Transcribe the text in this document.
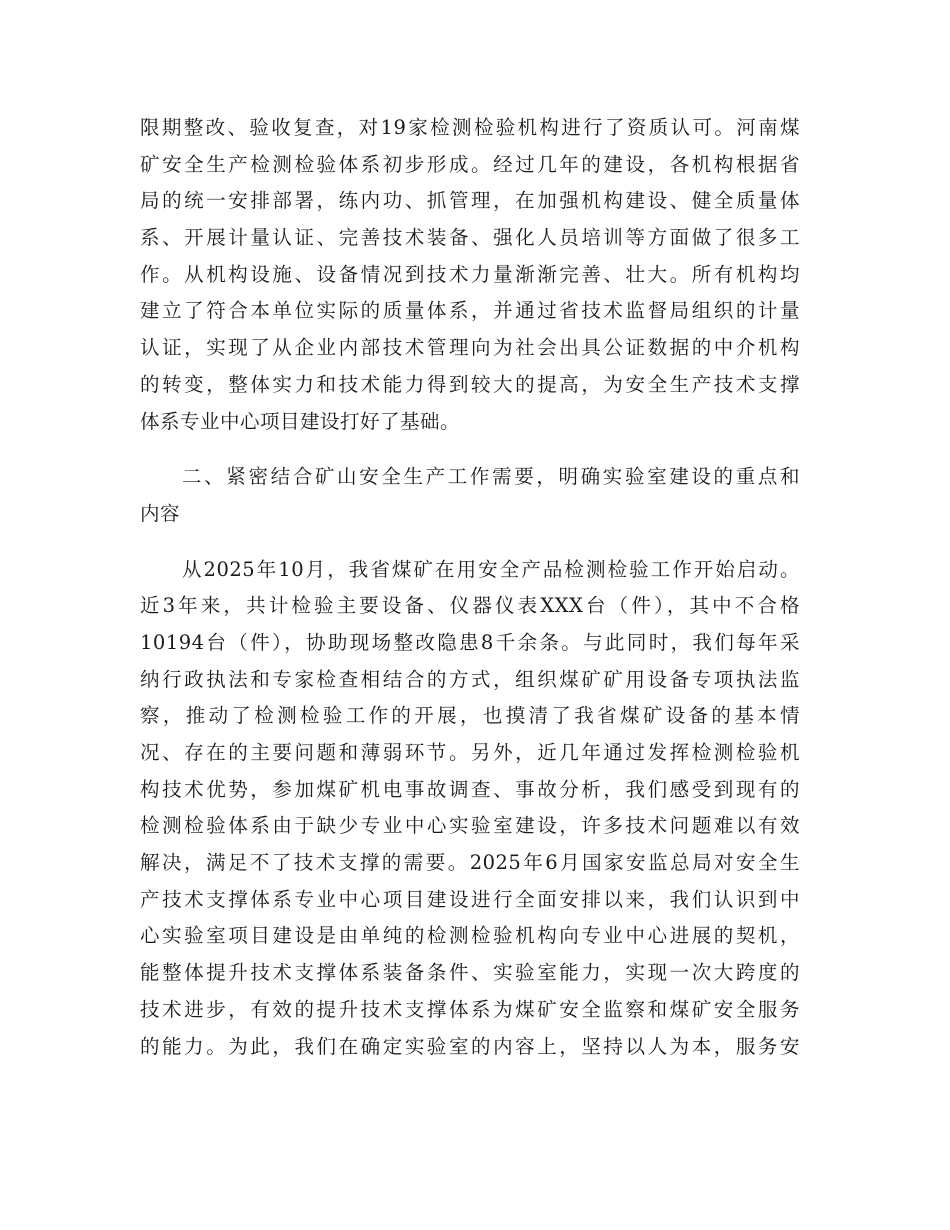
限期整改、验收复查，对19家检测检验机构进行了资质认可。河南煤
矿安全生产检测检验体系初步形成。经过几年的建设，各机构根据省
局的统一安排部署，练内功、抓管理，在加强机构建设、健全质量体
系、开展计量认证、完善技术装备、强化人员培训等方面做了很多工
作。从机构设施、设备情况到技术力量渐渐完善、壮大。所有机构均
建立了符合本单位实际的质量体系，并通过省技术监督局组织的计量
认证，实现了从企业内部技术管理向为社会出具公证数据的中介机构
的转变，整体实力和技术能力得到较大的提高，为安全生产技术支撑
体系专业中心项目建设打好了基础。
二、紧密结合矿山安全生产工作需要，明确实验室建设的重点和
内容
从2025年10月，我省煤矿在用安全产品检测检验工作开始启动。
近3年来，共计检验主要设备、仪器仪表XXX台（件），其中不合格
10194台（件），协助现场整改隐患8千余条。与此同时，我们每年采
纳行政执法和专家检查相结合的方式，组织煤矿矿用设备专项执法监
察，推动了检测检验工作的开展，也摸清了我省煤矿设备的基本情
况、存在的主要问题和薄弱环节。另外，近几年通过发挥检测检验机
构技术优势，参加煤矿机电事故调查、事故分析，我们感受到现有的
检测检验体系由于缺少专业中心实验室建设，许多技术问题难以有效
解决，满足不了技术支撑的需要。2025年6月国家安监总局对安全生
产技术支撑体系专业中心项目建设进行全面安排以来，我们认识到中
心实验室项目建设是由单纯的检测检验机构向专业中心进展的契机，
能整体提升技术支撑体系装备条件、实验室能力，实现一次大跨度的
技术进步，有效的提升技术支撑体系为煤矿安全监察和煤矿安全服务
的能力。为此，我们在确定实验室的内容上，坚持以人为本，服务安
